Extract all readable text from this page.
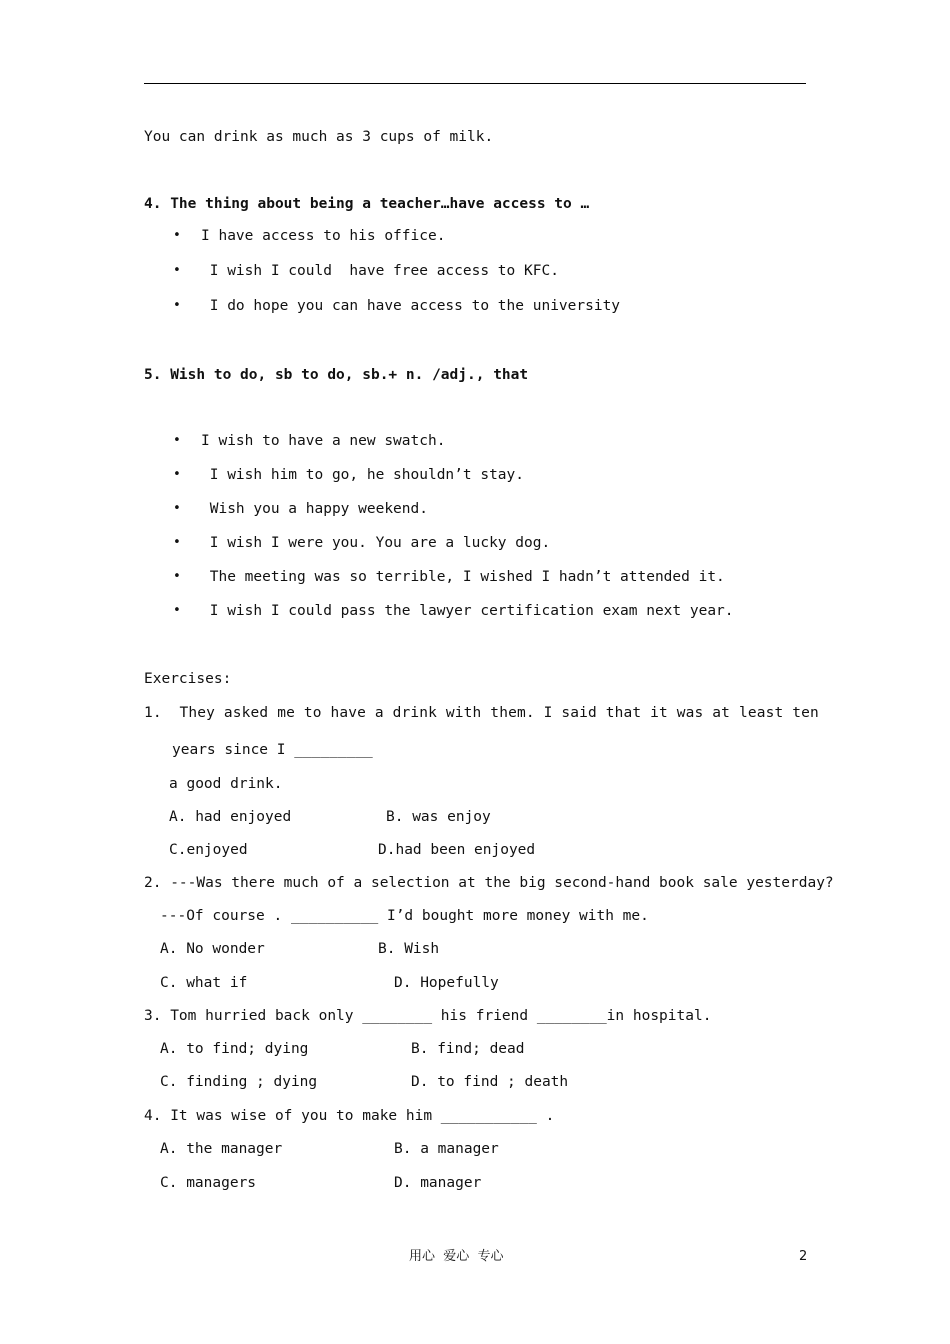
You can drink as much as 3 cups of milk.
4. The thing about being a teacher…have access to …
• I have access to his office.
• I wish I could  have free access to KFC.
• I do hope you can have access to the university
5. Wish to do, sb to do, sb.+ n. /adj., that
• I wish to have a new swatch.
• I wish him to go, he shouldn’t stay.
• Wish you a happy weekend.
• I wish I were you. You are a lucky dog.
• The meeting was so terrible, I wished I hadn’t attended it.
• I wish I could pass the lawyer certification exam next year.
Exercises:
1.  They asked me to have a drink with them. I said that it was at least ten
years since I _________
a good drink.
A. had enjoyed	B. was enjoy
C.enjoyed	D.had been enjoyed
2. ---Was there much of a selection at the big second-hand book sale yesterday?
---Of course . __________ I’d bought more money with me.
A. No wonder	B. Wish
C. what if	D. Hopefully
3. Tom hurried back only ________ his friend ________in hospital.
A. to find; dying	B. find; dead
C. finding ; dying	D. to find ; death
4. It was wise of you to make him ___________ .
A. the manager	B. a manager
C. managers	D. manager
用心  爱心  专心	2
